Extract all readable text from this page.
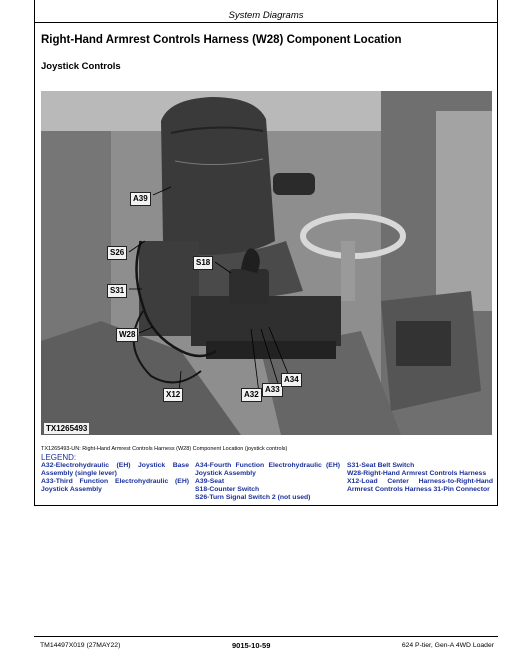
System Diagrams
Right-Hand Armrest Controls Harness (W28) Component Location
Joystick Controls
A39
S26
S18
S31
W28
X12	A32
A33
A34
TX1265493
TX1265493-UN: Right-Hand Armrest Controls Harness (W28) Component Location (joystick controls)
LEGEND:
A32-Electrohydraulic (EH) Joystick Base Assembly (single lever)
A33-Third Function Electrohydraulic (EH) Joystick Assembly
A34-Fourth Function Electrohydraulic (EH) Joystick Assembly
A39-Seat
S18-Counter Switch
S26-Turn Signal Switch 2 (not used)
S31-Seat Belt Switch
W28-Right-Hand Armrest Controls Harness
X12-Load Center Harness-to-Right-Hand Armrest Controls Harness 31-Pin Connector
TM14497X019 (27MAY22)	9015-10-59	624 P-tier, Gen-A 4WD Loader
